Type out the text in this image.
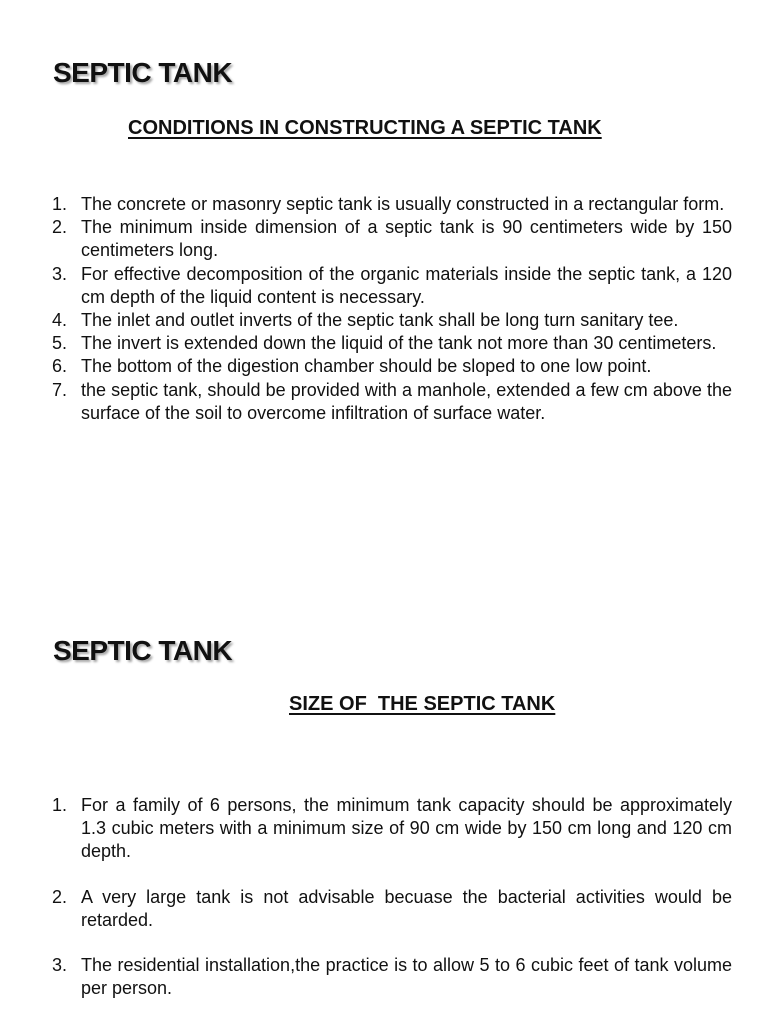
SEPTIC TANK
CONDITIONS IN CONSTRUCTING A SEPTIC TANK
1. The concrete or masonry septic tank is usually constructed in a rectangular form.
2. The minimum inside dimension of a septic tank is 90 centimeters wide by 150 centimeters long.
3. For effective decomposition of the organic materials inside the septic tank, a 120 cm depth of the liquid content is necessary.
4. The inlet and outlet inverts of the septic tank shall be long turn sanitary tee.
5. The invert is extended down the liquid of the tank not more than 30 centimeters.
6. The bottom of the digestion chamber should be sloped to one low point.
7. the septic tank, should be provided with a manhole, extended a few cm above the surface of the soil to overcome infiltration of surface water.
SEPTIC TANK
SIZE OF  THE SEPTIC TANK
1. For a family of 6 persons, the minimum tank capacity should be approximately 1.3 cubic meters with a minimum size of 90 cm wide by 150 cm long and 120 cm depth.
2. A very large tank is not advisable becuase the bacterial activities would be retarded.
3. The residential installation,the practice is to allow 5 to 6 cubic feet of tank volume per person.
